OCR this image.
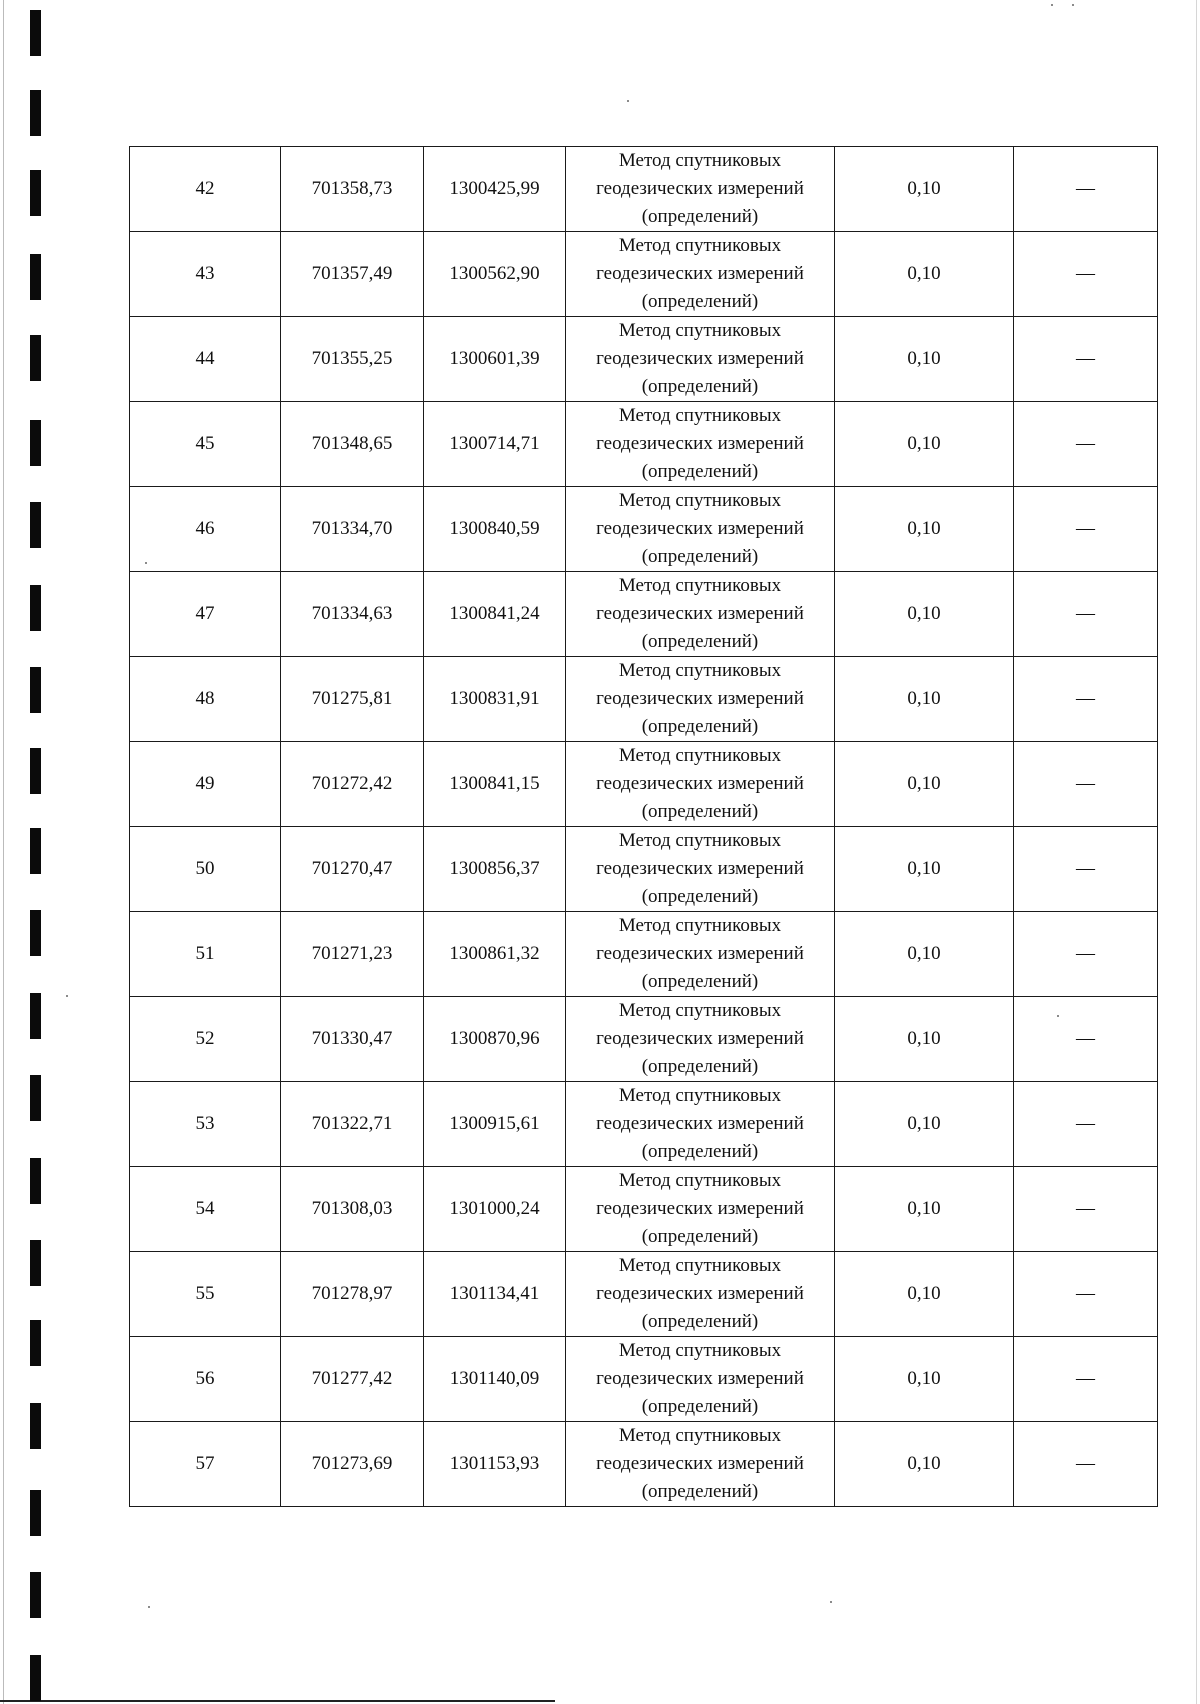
42	701358,73	1300425,99	Метод спутниковых
геодезических измерений
(определений)	0,10	—
43	701357,49	1300562,90	Метод спутниковых
геодезических измерений
(определений)	0,10	—
44	701355,25	1300601,39	Метод спутниковых
геодезических измерений
(определений)	0,10	—
45	701348,65	1300714,71	Метод спутниковых
геодезических измерений
(определений)	0,10	—
46	701334,70	1300840,59	Метод спутниковых
геодезических измерений
(определений)	0,10	—
47	701334,63	1300841,24	Метод спутниковых
геодезических измерений
(определений)	0,10	—
48	701275,81	1300831,91	Метод спутниковых
геодезических измерений
(определений)	0,10	—
49	701272,42	1300841,15	Метод спутниковых
геодезических измерений
(определений)	0,10	—
50	701270,47	1300856,37	Метод спутниковых
геодезических измерений
(определений)	0,10	—
51	701271,23	1300861,32	Метод спутниковых
геодезических измерений
(определений)	0,10	—
52	701330,47	1300870,96	Метод спутниковых
геодезических измерений
(определений)	0,10	—
53	701322,71	1300915,61	Метод спутниковых
геодезических измерений
(определений)	0,10	—
54	701308,03	1301000,24	Метод спутниковых
геодезических измерений
(определений)	0,10	—
55	701278,97	1301134,41	Метод спутниковых
геодезических измерений
(определений)	0,10	—
56	701277,42	1301140,09	Метод спутниковых
геодезических измерений
(определений)	0,10	—
57	701273,69	1301153,93	Метод спутниковых
геодезических измерений
(определений)	0,10	—
